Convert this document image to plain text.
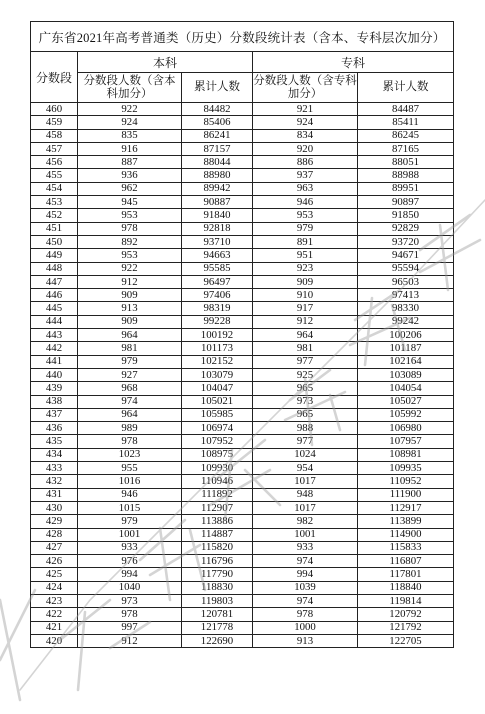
广东省2021年高考普通类（历史）分数段统计表（含本、专科层次加分）				
分数段	本科		专科	
	分数段人数（含本科加分）	累计人数	分数段人数（含专科加分）	累计人数
460	922	84482	921	84487
459	924	85406	924	85411
458	835	86241	834	86245
457	916	87157	920	87165
456	887	88044	886	88051
455	936	88980	937	88988
454	962	89942	963	89951
453	945	90887	946	90897
452	953	91840	953	91850
451	978	92818	979	92829
450	892	93710	891	93720
449	953	94663	951	94671
448	922	95585	923	95594
447	912	96497	909	96503
446	909	97406	910	97413
445	913	98319	917	98330
444	909	99228	912	99242
443	964	100192	964	100206
442	981	101173	981	101187
441	979	102152	977	102164
440	927	103079	925	103089
439	968	104047	965	104054
438	974	105021	973	105027
437	964	105985	965	105992
436	989	106974	988	106980
435	978	107952	977	107957
434	1023	108975	1024	108981
433	955	109930	954	109935
432	1016	110946	1017	110952
431	946	111892	948	111900
430	1015	112907	1017	112917
429	979	113886	982	113899
428	1001	114887	1001	114900
427	933	115820	933	115833
426	976	116796	974	116807
425	994	117790	994	117801
424	1040	118830	1039	118840
423	973	119803	974	119814
422	978	120781	978	120792
421	997	121778	1000	121792
420	912	122690	913	122705
